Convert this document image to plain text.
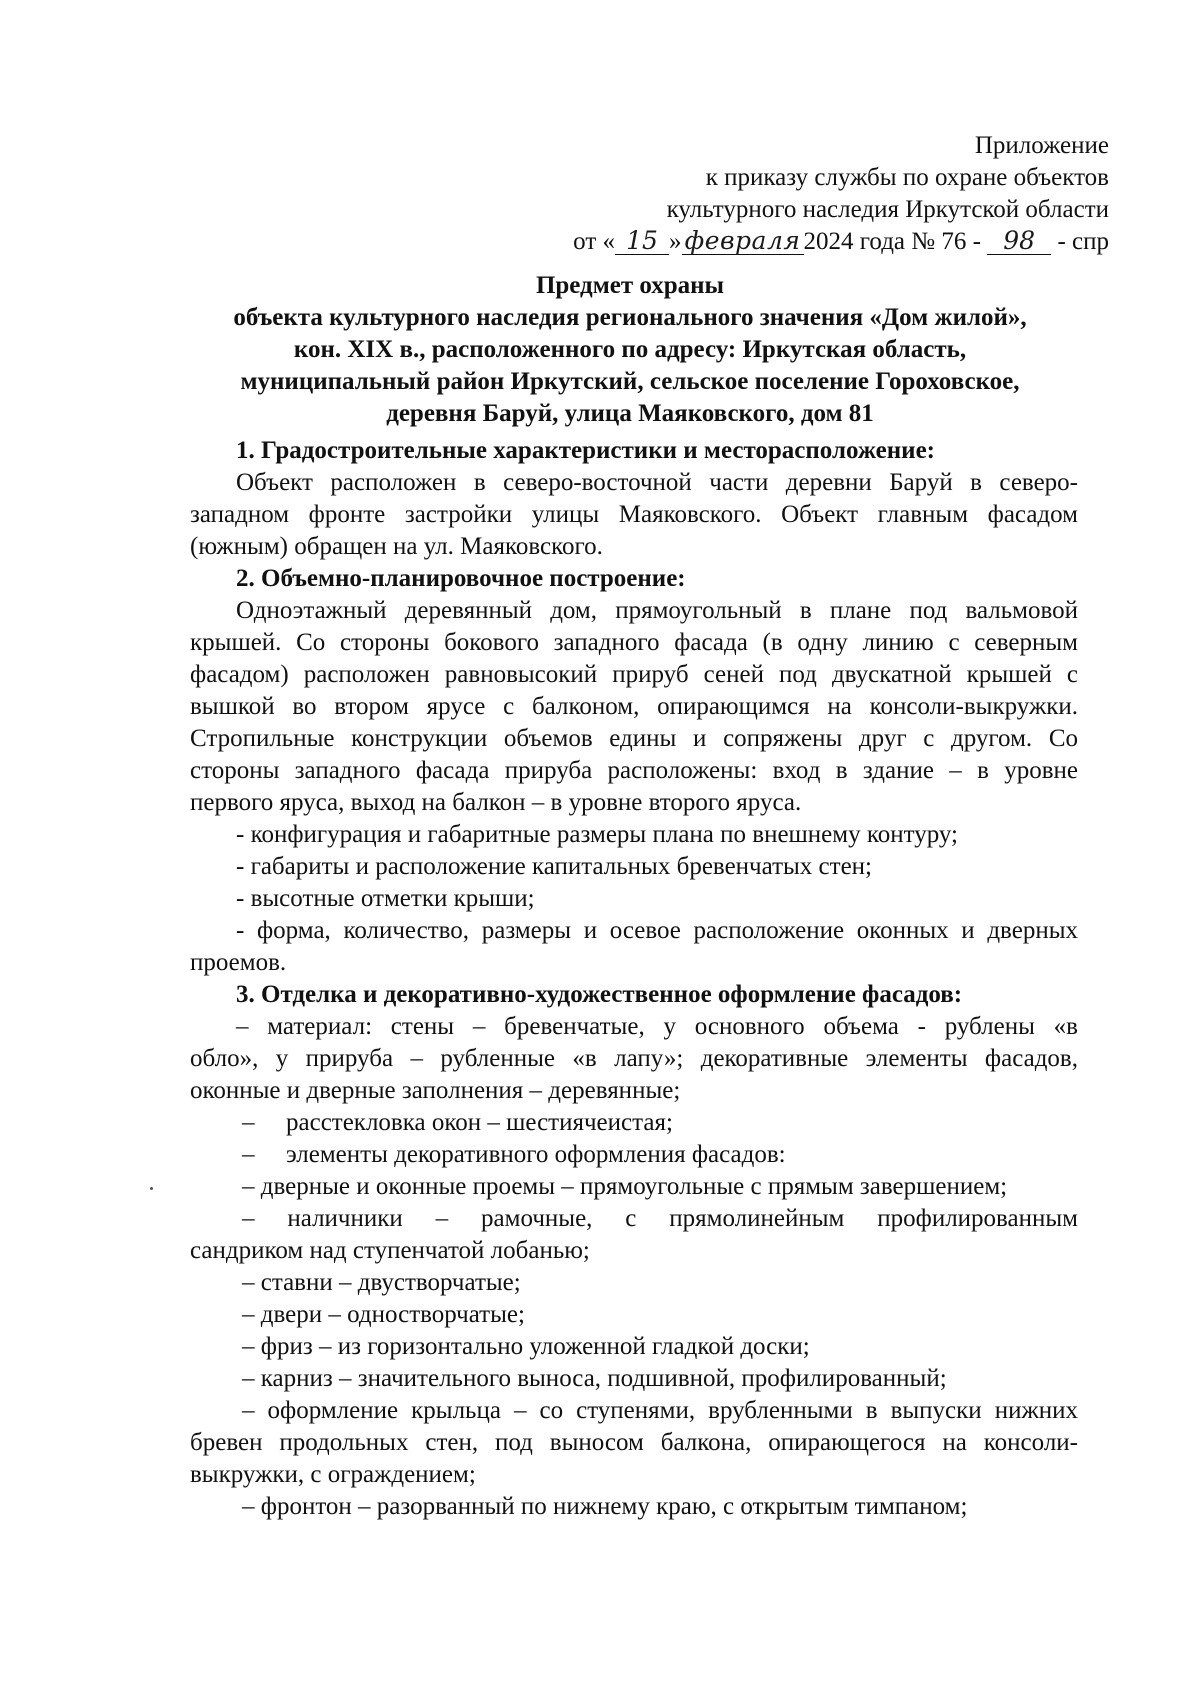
Приложение
к приказу службы по охране объектов
культурного наследия Иркутской области
от « 15 » февраля 2024 года № 76 - 98 - спр
Предмет охраны
объекта культурного наследия регионального значения «Дом жилой»,
кон. XIX в., расположенного по адресу: Иркутская область,
муниципальный район Иркутский, сельское поселение Гороховское,
деревня Баруй, улица Маяковского, дом 81
1. Градостроительные характеристики и месторасположение:
Объект расположен в северо-восточной части деревни Баруй в северо-
западном фронте застройки улицы Маяковского. Объект главным фасадом
(южным) обращен на ул. Маяковского.
2. Объемно-планировочное построение:
Одноэтажный деревянный дом, прямоугольный в плане под вальмовой
крышей. Со стороны бокового западного фасада (в одну линию с северным
фасадом) расположен равновысокий прируб сеней под двускатной крышей с
вышкой во втором ярусе с балконом, опирающимся на консоли-выкружки.
Стропильные конструкции объемов едины и сопряжены друг с другом. Со
стороны западного фасада прируба расположены: вход в здание – в уровне
первого яруса, выход на балкон – в уровне второго яруса.
- конфигурация и габаритные размеры плана по внешнему контуру;
- габариты и расположение капитальных бревенчатых стен;
- высотные отметки крыши;
- форма, количество, размеры и осевое расположение оконных и дверных
проемов.
3. Отделка и декоративно-художественное оформление фасадов:
– материал: стены – бревенчатые, у основного объема - рублены «в
обло», у прируба – рубленные «в лапу»; декоративные элементы фасадов,
оконные и дверные заполнения – деревянные;
– расстекловка окон – шестиячеистая;
– элементы декоративного оформления фасадов:
– дверные и оконные проемы – прямоугольные с прямым завершением;
– наличники – рамочные, с прямолинейным профилированным
сандриком над ступенчатой лобанью;
– ставни – двустворчатые;
– двери – одностворчатые;
– фриз – из горизонтально уложенной гладкой доски;
– карниз – значительного выноса, подшивной, профилированный;
– оформление крыльца – со ступенями, врубленными в выпуски нижних
бревен продольных стен, под выносом балкона, опирающегося на консоли-
выкружки, с ограждением;
– фронтон – разорванный по нижнему краю, с открытым тимпаном;
